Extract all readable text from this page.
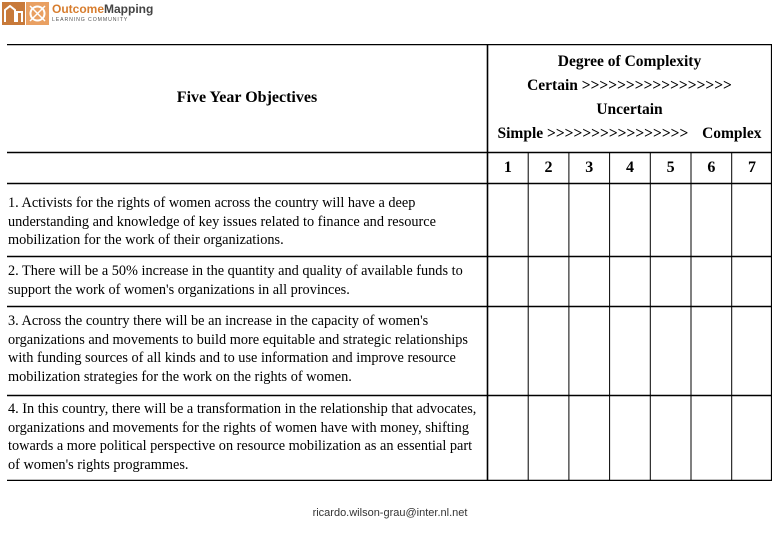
OutcomeMapping
LEARNING COMMUNITY
Five Year Objectives
Degree of Complexity
Certain >>>>>>>>>>>>>>>>>
Uncertain
Simple >>>>>>>>>>>>>>>> Complex
1	2	3	4	5	6	7
1. Activists for the rights of women across the country will have a deep understanding and knowledge of key issues related to finance and resource mobilization for the work of their organizations.
2. There will be a 50% increase in the quantity and quality of available funds to support the work of women's organizations in all provinces.
3. Across the country there will be an increase in the capacity of women's organizations and movements to build more equitable and strategic relationships with funding sources of all kinds and to use information and improve resource mobilization strategies for the work on the rights of women.
4. In this country, there will be a transformation in the relationship that advocates, organizations and movements for the rights of women have with money, shifting towards a more political perspective on resource mobilization as an essential part of women's rights programmes.
ricardo.wilson-grau@inter.nl.net
